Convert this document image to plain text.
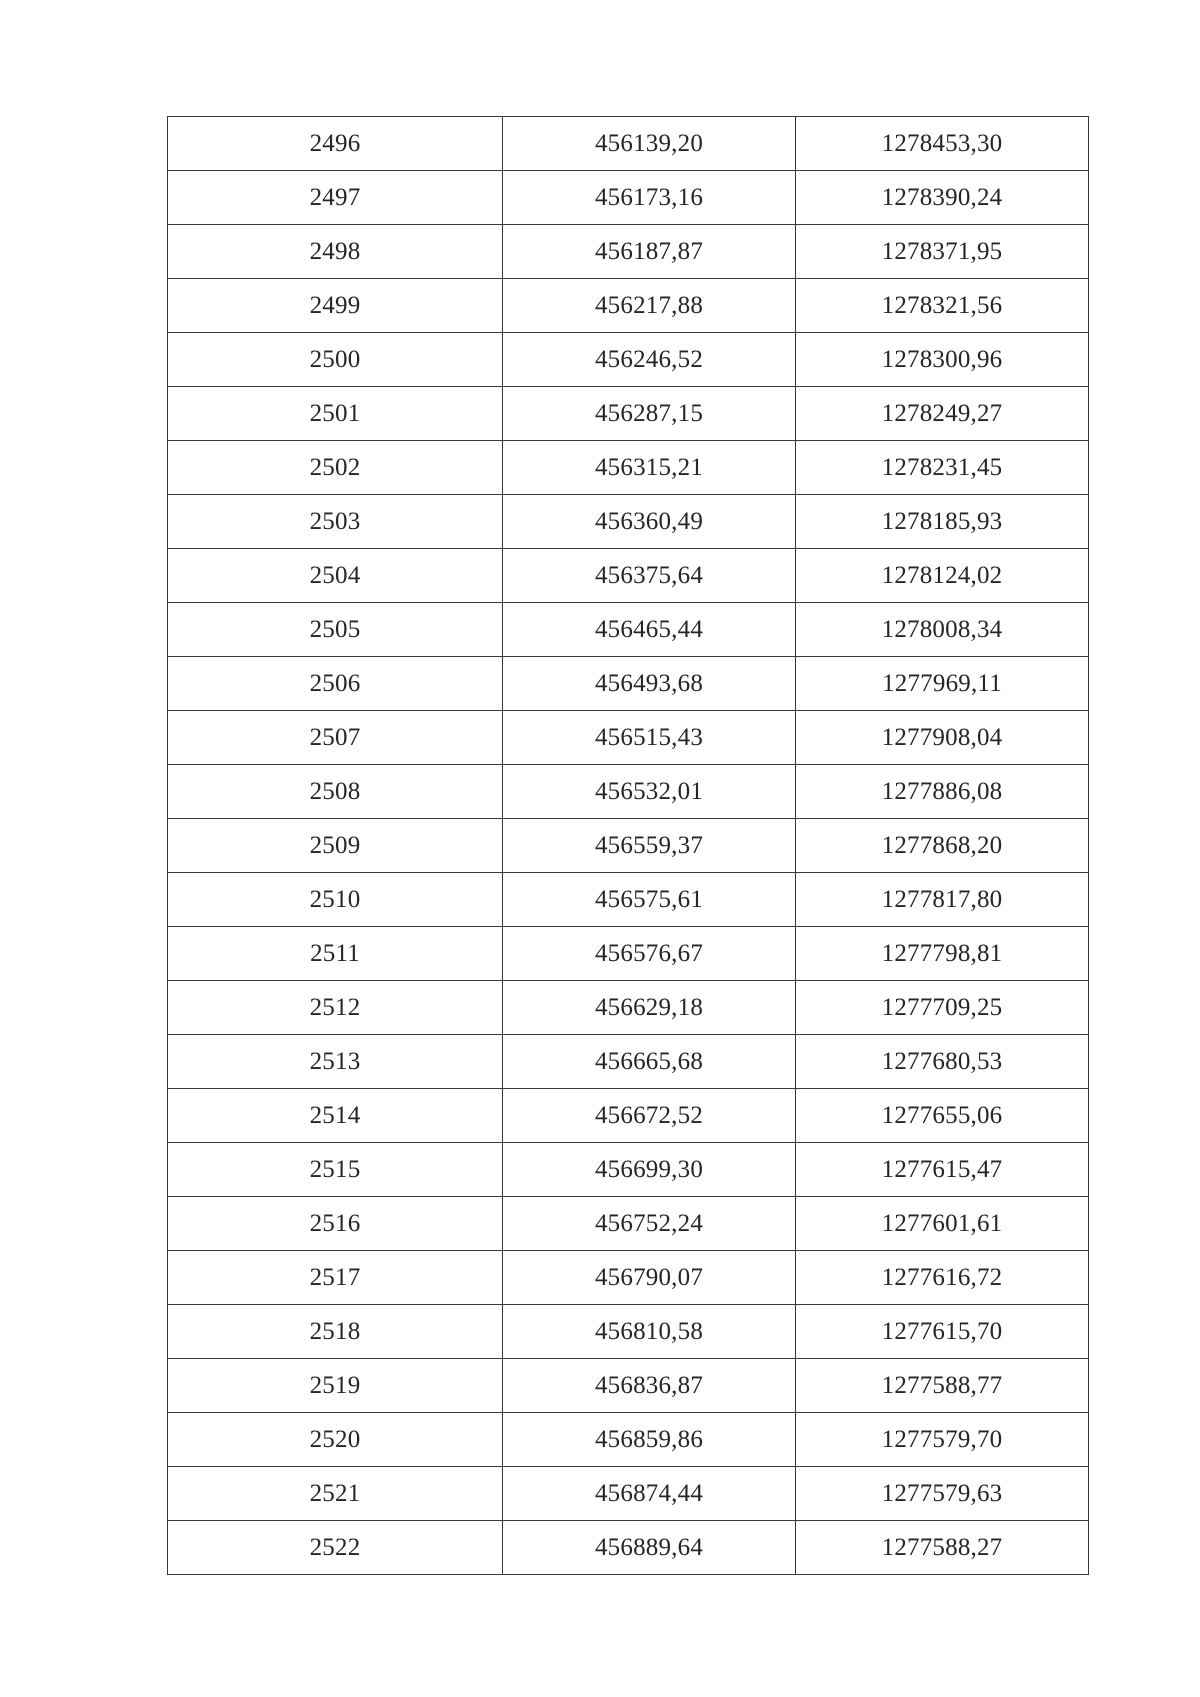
2496	456139,20	1278453,30
2497	456173,16	1278390,24
2498	456187,87	1278371,95
2499	456217,88	1278321,56
2500	456246,52	1278300,96
2501	456287,15	1278249,27
2502	456315,21	1278231,45
2503	456360,49	1278185,93
2504	456375,64	1278124,02
2505	456465,44	1278008,34
2506	456493,68	1277969,11
2507	456515,43	1277908,04
2508	456532,01	1277886,08
2509	456559,37	1277868,20
2510	456575,61	1277817,80
2511	456576,67	1277798,81
2512	456629,18	1277709,25
2513	456665,68	1277680,53
2514	456672,52	1277655,06
2515	456699,30	1277615,47
2516	456752,24	1277601,61
2517	456790,07	1277616,72
2518	456810,58	1277615,70
2519	456836,87	1277588,77
2520	456859,86	1277579,70
2521	456874,44	1277579,63
2522	456889,64	1277588,27
